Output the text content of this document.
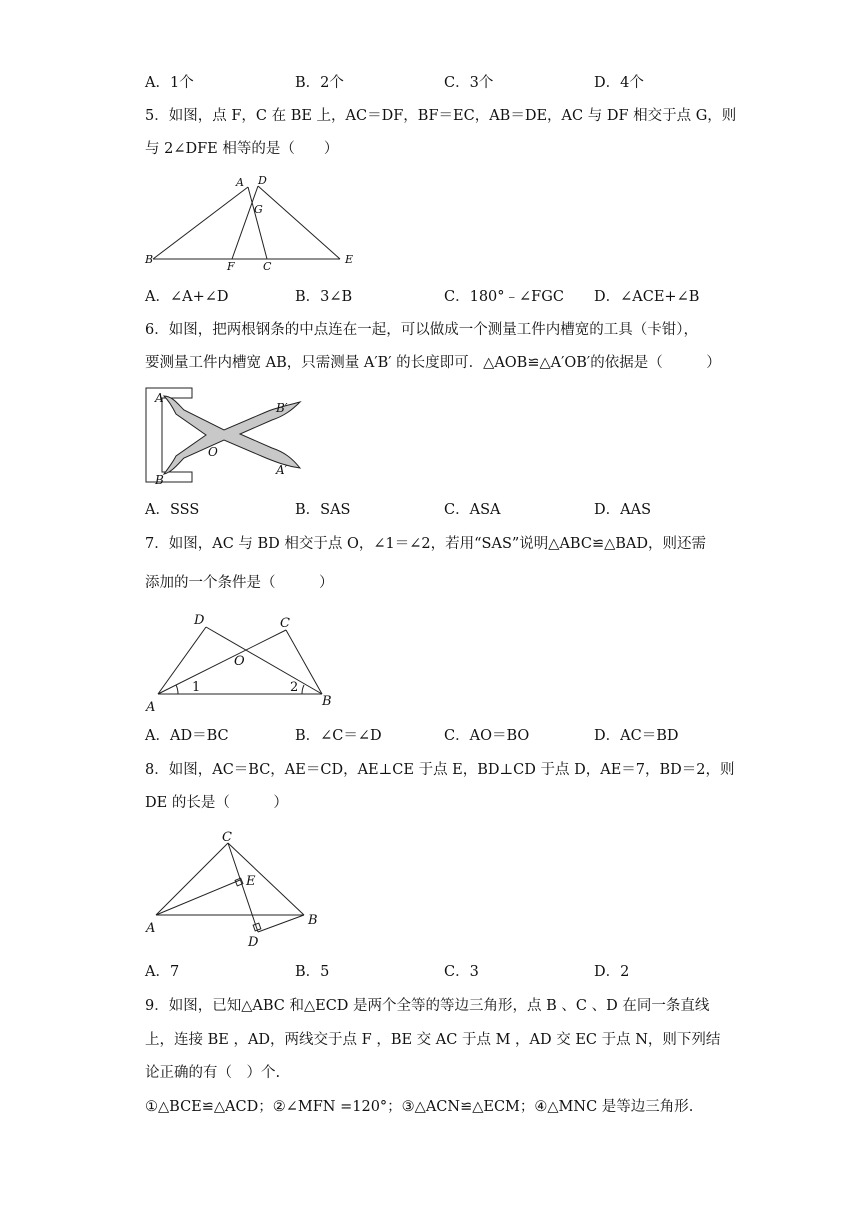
A．1个	B．2个	C．3个	D．4个
5．如图，点 F，C 在 BE 上，AC＝DF，BF＝EC，AB＝DE，AC 与 DF 相交于点 G，则
与 2∠DFE 相等的是（　　）
A D
G
B
F	C
E
A．∠A+∠D	B．3∠B	C．180°﹣∠FGC D．∠ACE+∠B
6．如图，把两根钢条的中点连在一起，可以做成一个测量工件内槽宽的工具（卡钳），
要测量工件内槽宽 AB，只需测量 A′B′ 的长度即可．△AOB≌△A′OB′的依据是（　　　）
A
B
O
B′
A′
A．SSS	B．SAS	C．ASA	D．AAS
7．如图，AC 与 BD 相交于点 O，∠1＝∠2，若用“SAS”说明△ABC≌△BAD，则还需
添加的一个条件是（　　　）
D	C
O
A	B
1	2
A．AD＝BC	B．∠C＝∠D	C．AO＝BO	D．AC＝BD
8．如图，AC＝BC，AE＝CD，AE⊥CE 于点 E，BD⊥CD 于点 D，AE＝7，BD＝2，则
DE 的长是（　　　）
C
E
A
B
D
A．7	B．5	C．3	D．2
9．如图，已知△ABC 和△ECD 是两个全等的等边三角形，点 B 、C 、D 在同一条直线
上，连接 BE ，AD，两线交于点 F ，BE 交 AC 于点 M ，AD 交 EC 于点 N，则下列结
论正确的有（　）个.
①△BCE≌△ACD；②∠MFN =120°；③△ACN≌△ECM；④△MNC 是等边三角形.
